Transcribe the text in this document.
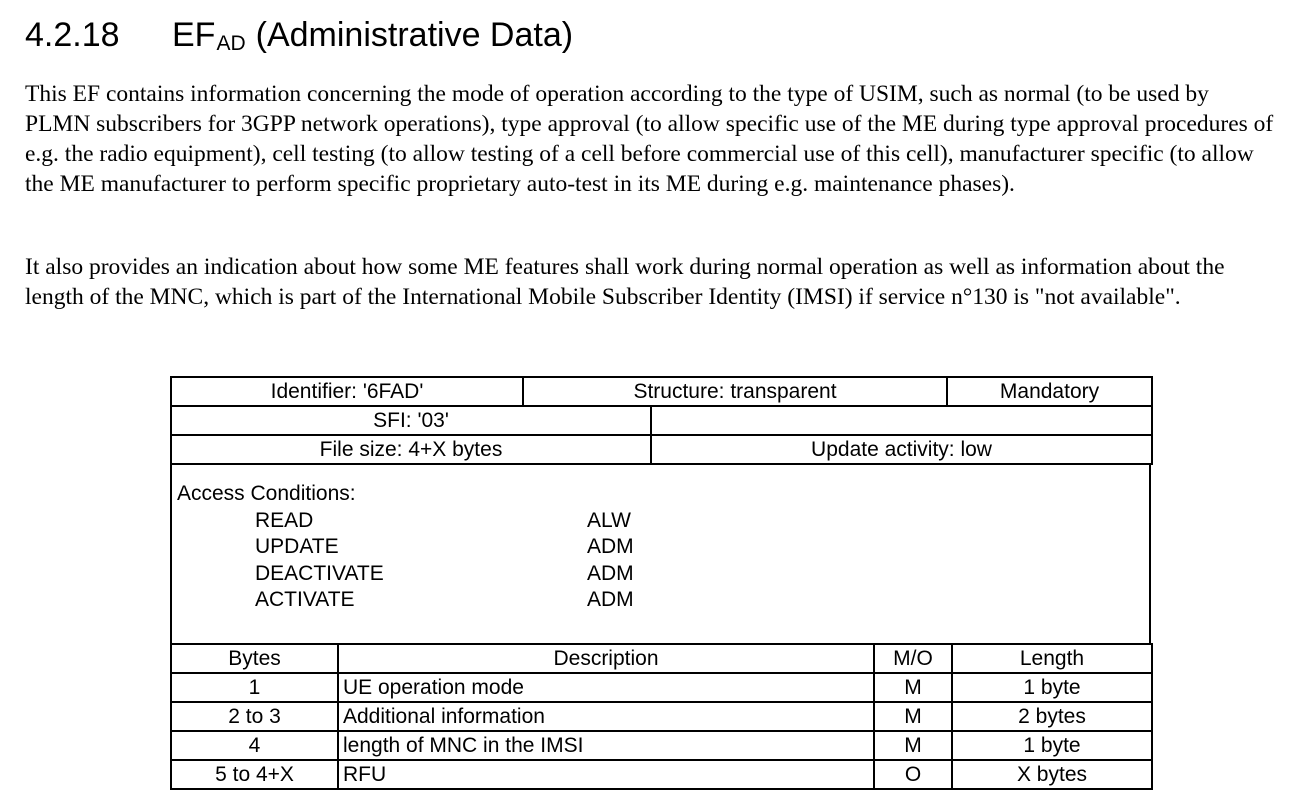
4.2.18 $EF_{AD}$ (Administrative Data)

This EF contains information concerning the mode of operation according to the type of USIM, such as normal (to be used by PLMN subscribers for 3GPP network operations), type approval (to allow specific use of the ME during type approval procedures of e.g. the radio equipment), cell testing (to allow testing of a cell before commercial use of this cell), manufacturer specific (to allow the ME manufacturer to perform specific proprietary auto-test in its ME during e.g. maintenance phases).

It also provides an indication about how some ME features shall work during normal operation as well as information about the length of the MNC, which is part of the International Mobile Subscriber Identity (IMSI) if service n°130 is "not available".

Identifier: '6FAD'	Structure: transparent		Mandatory
SFI: '03'			
File size: 4+X bytes		Update activity: low	
Access Conditions:
READ	ALW
UPDATE	ADM
DEACTIVATE	ADM
ACTIVATE	ADM
Bytes	Description	M/O	Length
1	UE operation mode	M	1 byte
2 to 3	Additional information	M	2 bytes
4	length of MNC in the IMSI	M	1 byte
5 to 4+X	RFU	O	X bytes
